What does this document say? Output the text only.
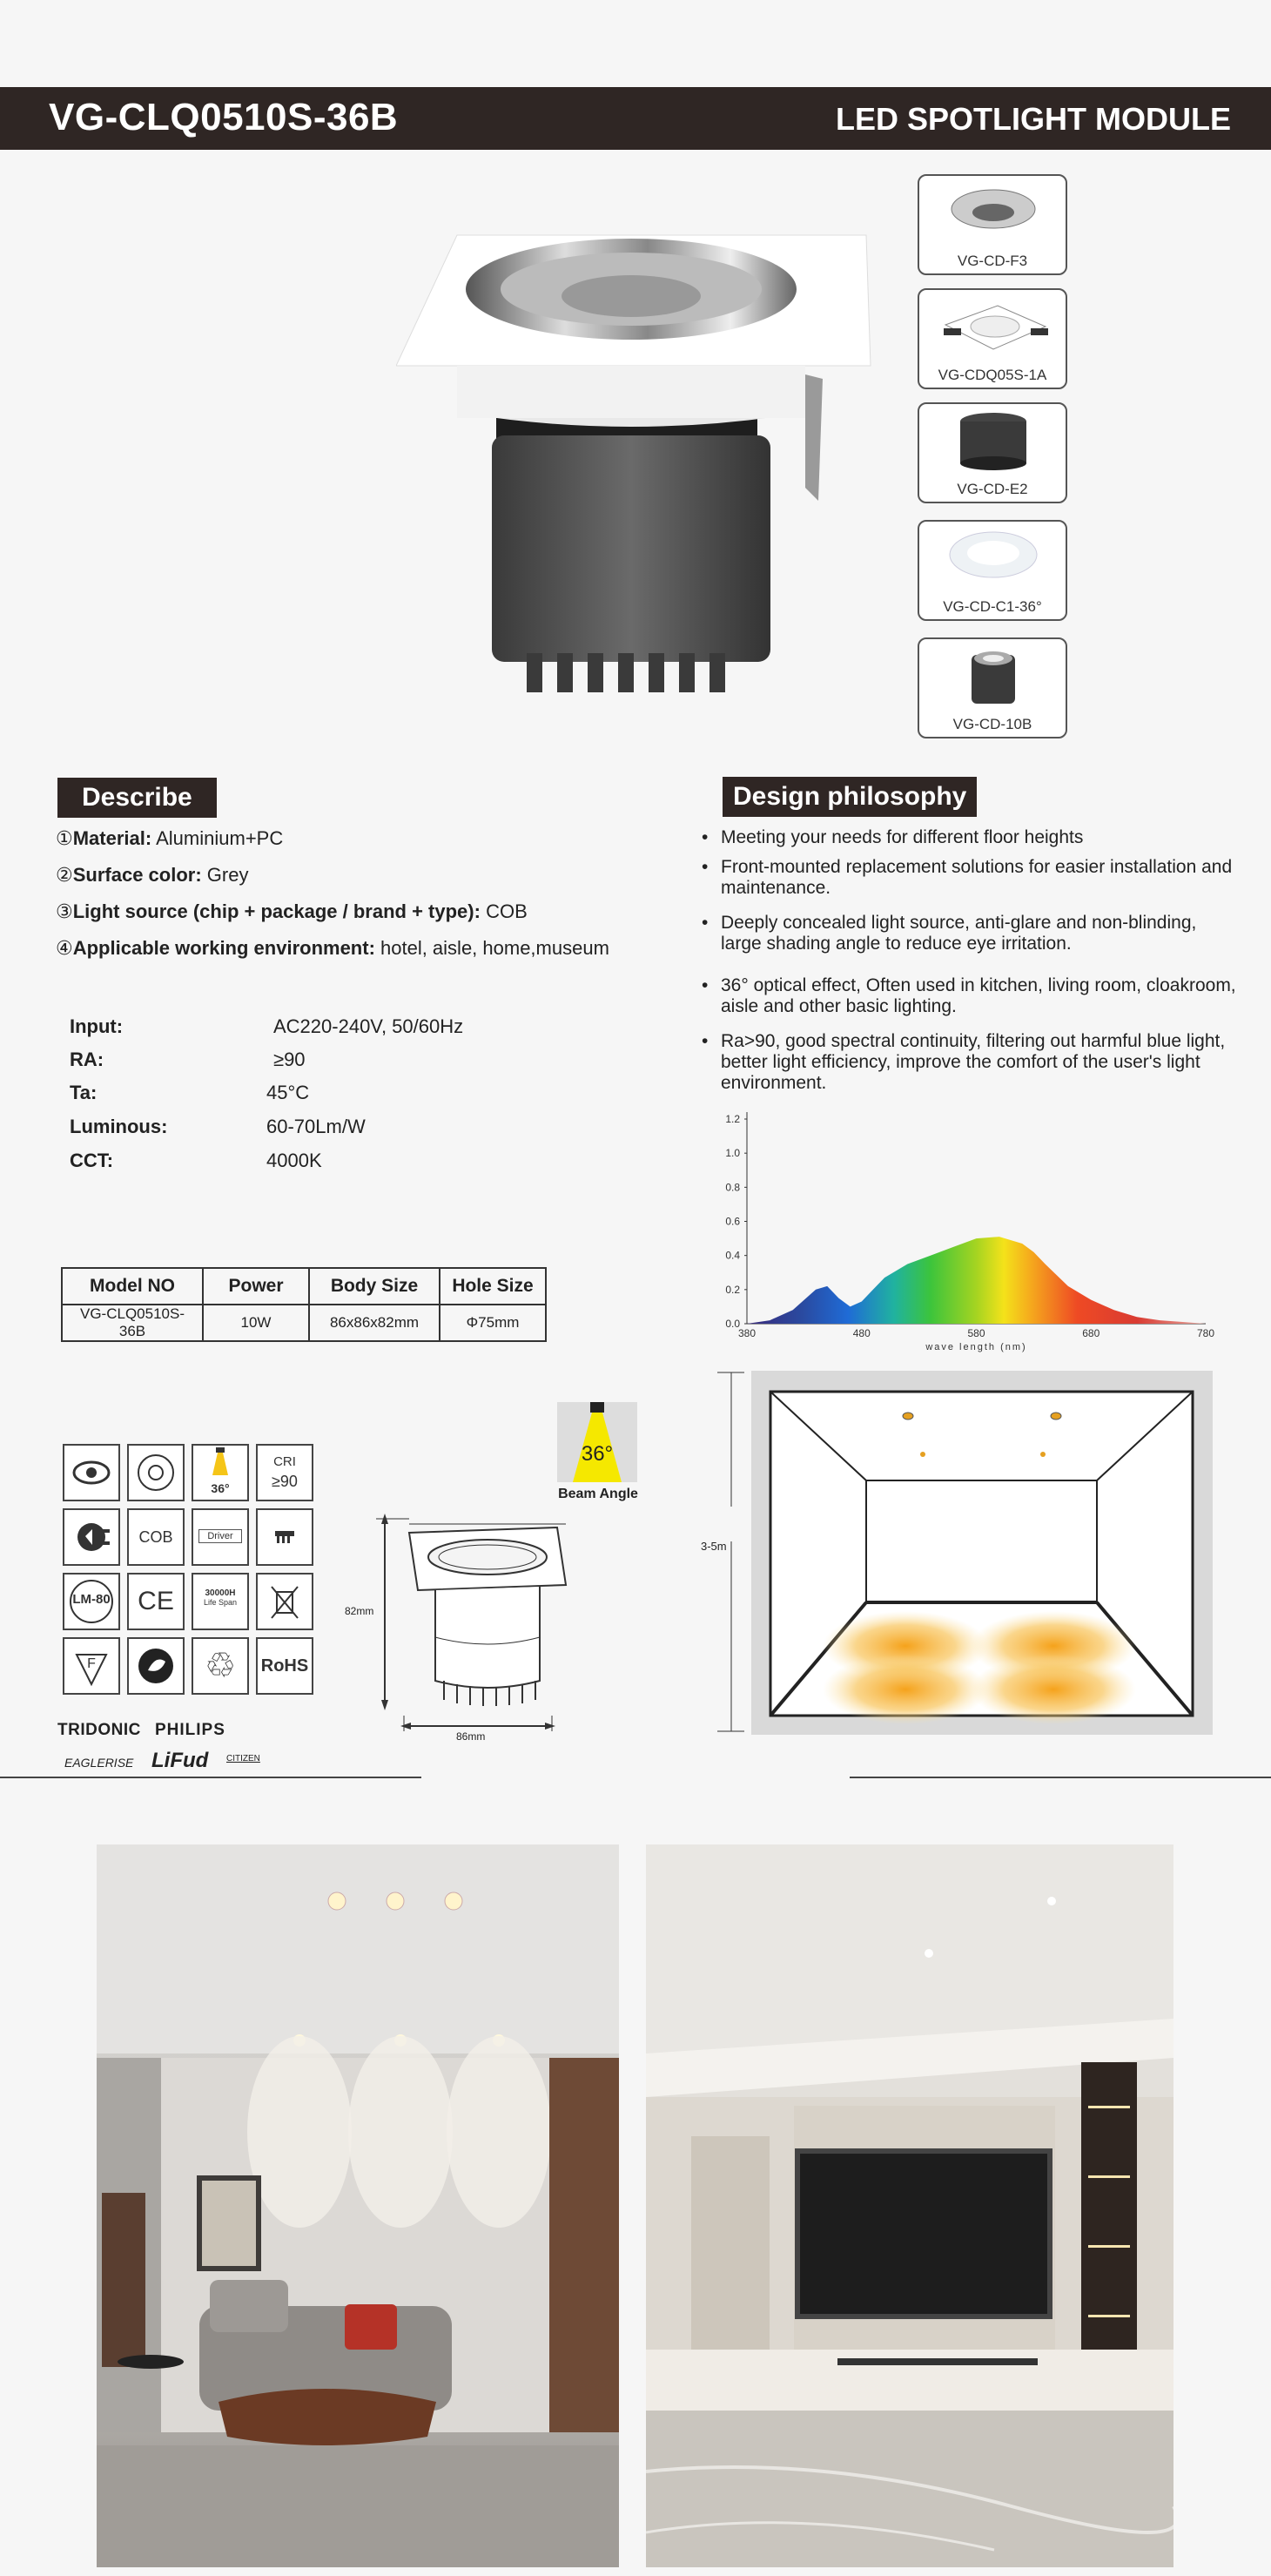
VG-CLQ0510S-36B	LED SPOTLIGHT MODULE
VG-CD-F3
VG-CDQ05S-1A
VG-CD-E2
VG-CD-C1-36°
VG-CD-10B
Describe
①Material: Aluminium+PC
②Surface color: Grey
③Light source (chip + package / brand + type): COB
④Applicable working environment: hotel, aisle, home,museum
Input:	AC220-240V, 50/60Hz
RA:	≥90
Ta:	45°C
Luminous:	60-70Lm/W
CCT:	4000K
Design philosophy
• Meeting your needs for different floor heights
• Front-mounted replacement solutions for easier installation and maintenance.
• Deeply concealed light source, anti-glare and non-blinding, large shading angle to reduce eye irritation.
• 36° optical effect, Often used in kitchen, living room, cloakroom, aisle and other basic lighting.
• Ra>90, good spectral continuity, filtering out harmful blue light, better light efficiency, improve the comfort of the user's light environment.
0.0
0.2
0.4
0.6
0.8
1.0
1.2
380	480	580	680	780
wave length (nm)
Model NO	Power	Body Size	Hole Size
VG-CLQ0510S-36B	10W	86x86x82mm	Φ75mm
36°
CRI
≥90
COB	Driver
LM-80	CE	30000H
Life Span
F	♲	RoHS
TRIDONIC PHILIPS
EAGLERISE LiFud CITIZEN
36°
Beam Angle
82mm
86mm
3-5m
